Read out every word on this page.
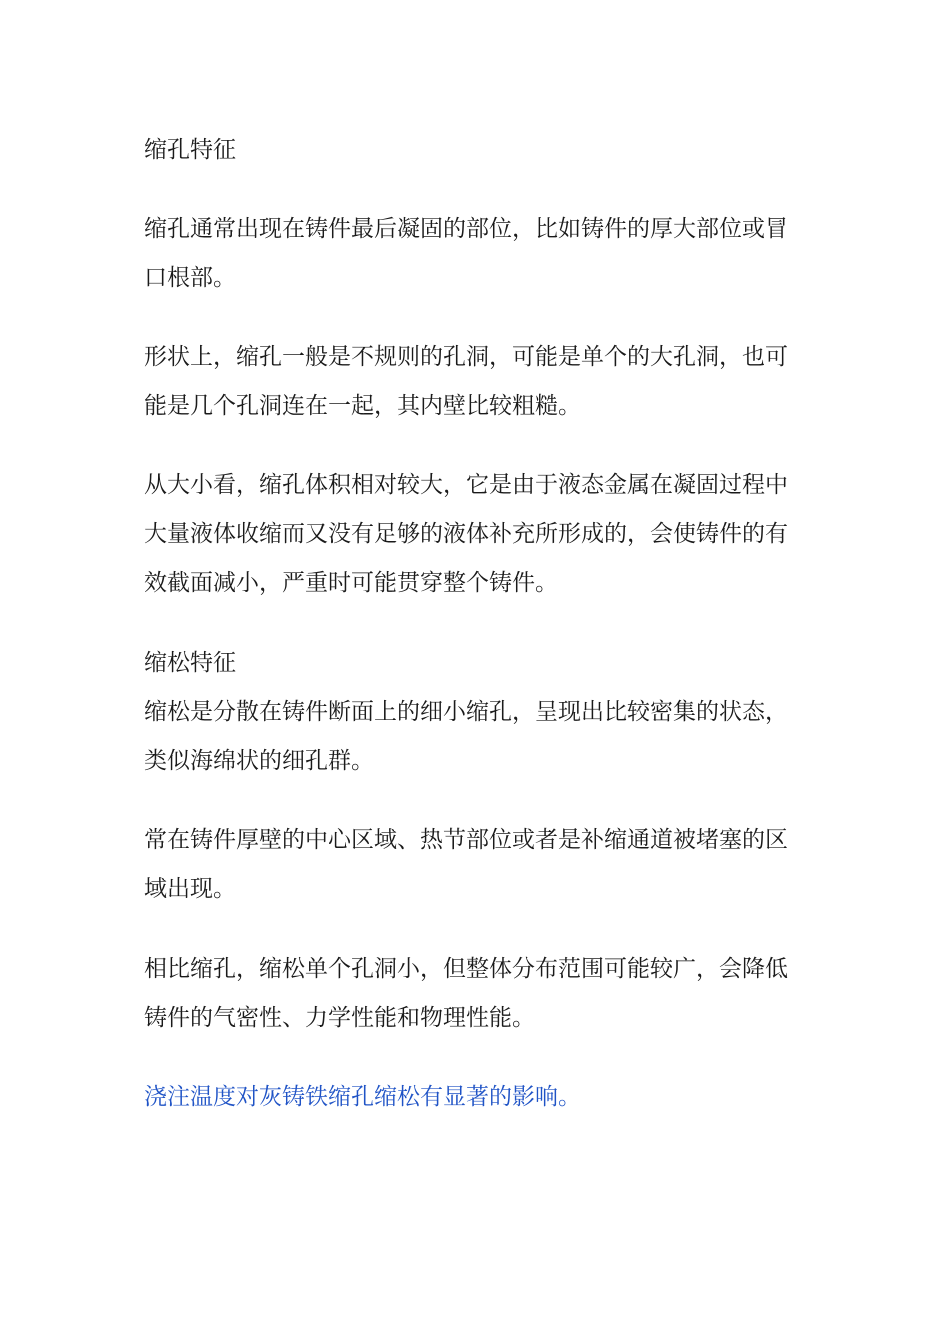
缩孔特征
缩孔通常出现在铸件最后凝固的部位，比如铸件的厚大部位或冒
口根部。
形状上，缩孔一般是不规则的孔洞，可能是单个的大孔洞，也可
能是几个孔洞连在一起，其内壁比较粗糙。
从大小看，缩孔体积相对较大，它是由于液态金属在凝固过程中
大量液体收缩而又没有足够的液体补充所形成的，会使铸件的有
效截面减小，严重时可能贯穿整个铸件。
缩松特征
缩松是分散在铸件断面上的细小缩孔，呈现出比较密集的状态，
类似海绵状的细孔群。
常在铸件厚壁的中心区域、热节部位或者是补缩通道被堵塞的区
域出现。
相比缩孔，缩松单个孔洞小，但整体分布范围可能较广，会降低
铸件的气密性、力学性能和物理性能。
浇注温度对灰铸铁缩孔缩松有显著的影响。
